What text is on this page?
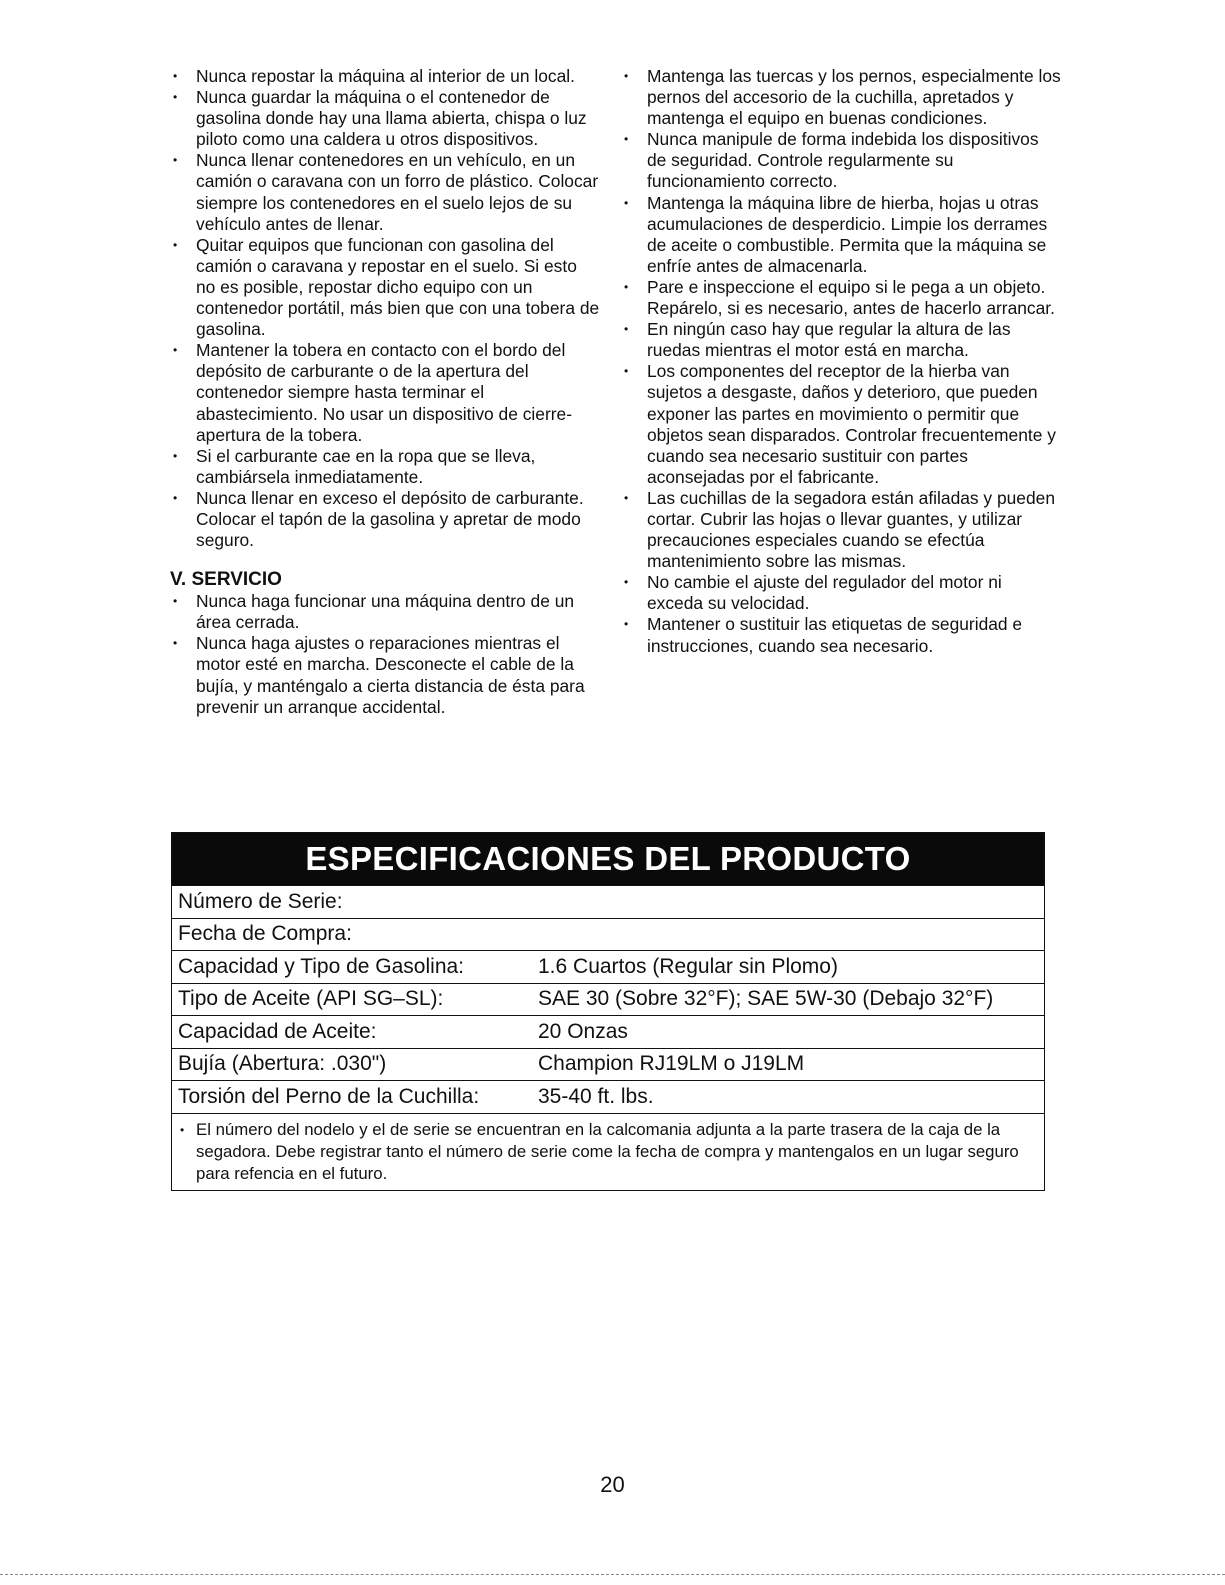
• Nunca repostar la máquina al interior de un local.
• Nunca guardar la máquina o el contenedor de gasolina donde hay una llama abierta, chispa o luz piloto como una caldera u otros dispositivos.
• Nunca llenar contenedores en un vehículo, en un camión o caravana con un forro de plástico. Colocar siempre los contenedores en el suelo lejos de su vehículo antes de llenar.
• Quitar equipos que funcionan con gasolina del camión o caravana y repostar en el suelo. Si esto no es posible, repostar dicho equipo con un contenedor portátil, más bien que con una tobera de gasolina.
• Mantener la tobera en contacto con el bordo del depósito de carburante o de la apertura del contenedor siempre hasta terminar el abastecimiento. No usar un dispositivo de cierre-apertura de la tobera.
• Si el carburante cae en la ropa que se lleva, cambiársela inmediatamente.
• Nunca llenar en exceso el depósito de carburante. Colocar el tapón de la gasolina y apretar de modo seguro.
V. SERVICIO
• Nunca haga funcionar una máquina dentro de un área cerrada.
• Nunca haga ajustes o reparaciones mientras el motor esté en marcha. Desconecte el cable de la bujía, y manténgalo a cierta distancia de ésta para prevenir un arranque accidental.
• Mantenga las tuercas y los pernos, especialmente los pernos del accesorio de la cuchilla, apretados y mantenga el equipo en buenas condiciones.
• Nunca manipule de forma indebida los dispositivos de seguridad. Controle regularmente su funcionamiento correcto.
• Mantenga la máquina libre de hierba, hojas u otras acumulaciones de desperdicio. Limpie los derrames de aceite o combustible. Permita que la máquina se enfríe antes de almacenarla.
• Pare e inspeccione el equipo si le pega a un objeto. Repárelo, si es necesario, antes de hacerlo arrancar.
• En ningún caso hay que regular la altura de las ruedas mientras el motor está en marcha.
• Los componentes del receptor de la hierba van sujetos a desgaste, daños y deterioro, que pueden exponer las partes en movimiento o permitir que objetos sean disparados. Controlar frecuentemente y cuando sea necesario sustituir con partes aconsejadas por el fabricante.
• Las cuchillas de la segadora están afiladas y pueden cortar. Cubrir las hojas o llevar guantes, y utilizar precauciones especiales cuando se efectúa mantenimiento sobre las mismas.
• No cambie el ajuste del regulador del motor ni exceda su velocidad.
• Mantener o sustituir las etiquetas de seguridad e instrucciones, cuando sea necesario.
ESPECIFICACIONES DEL PRODUCTO
Número de Serie:
Fecha de Compra:
Capacidad y Tipo de Gasolina:	1.6 Cuartos (Regular sin Plomo)
Tipo de Aceite (API SG–SL):	SAE 30 (Sobre 32°F); SAE 5W-30 (Debajo 32°F)
Capacidad de Aceite:	20 Onzas
Bujía (Abertura: .030")	Champion RJ19LM o J19LM
Torsión del Perno de la Cuchilla:	35-40 ft. lbs.
• El número del nodelo y el de serie se encuentran en la calcomania adjunta a la parte trasera de la caja de la segadora. Debe registrar tanto el número de serie come la fecha de compra y mantengalos en un lugar seguro para refencia en el futuro.
20
